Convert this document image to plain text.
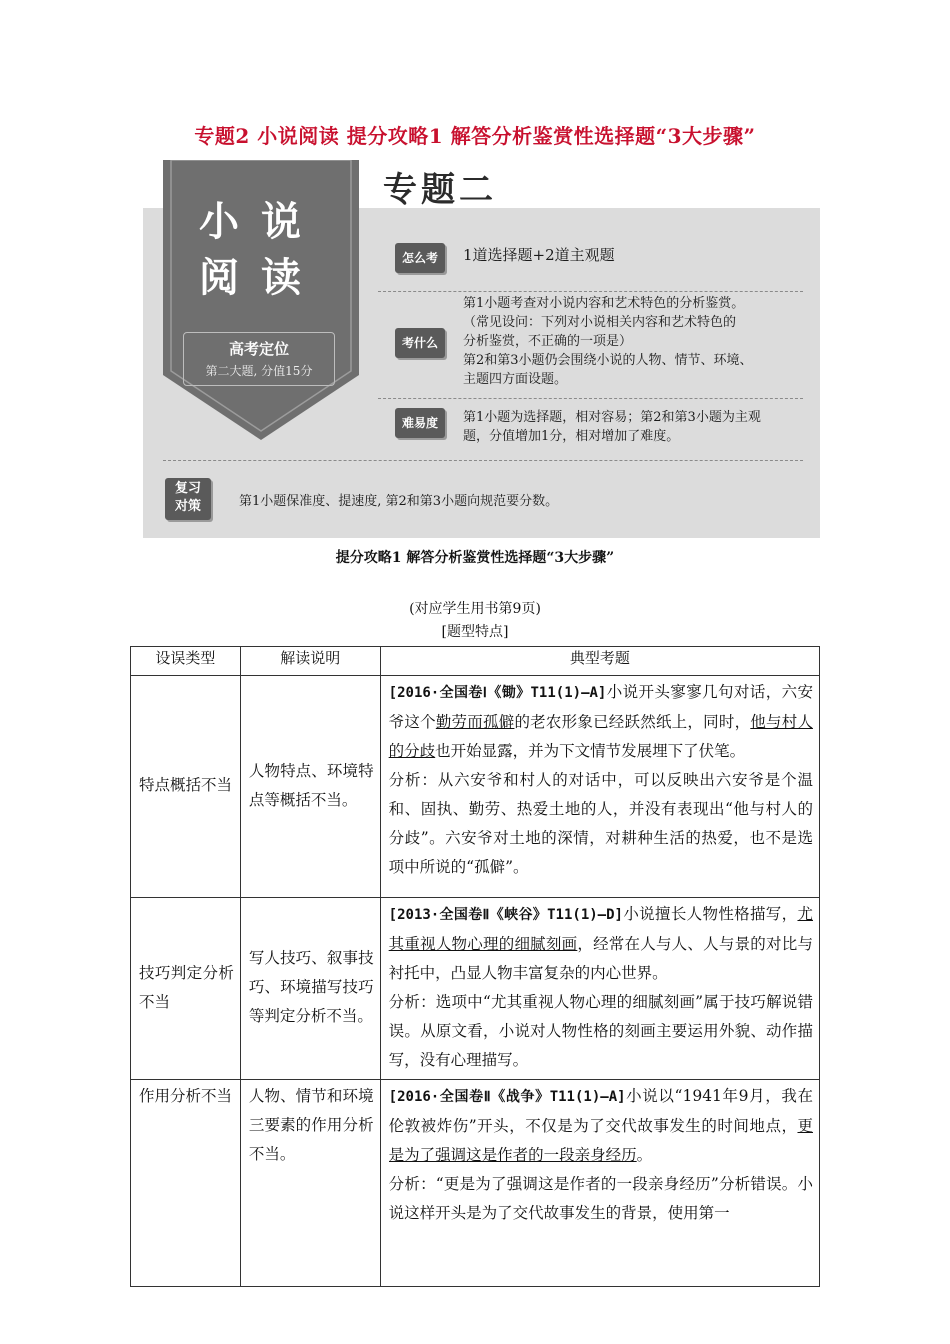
专题2 小说阅读 提分攻略1 解答分析鉴赏性选择题“3大步骤”
专题二
小说
阅读
高考定位
第二大题, 分值15分
怎么考	1道选择题+2道主观题
考什么
第1小题考查对小说内容和艺术特色的分析鉴赏。
（常见设问：下列对小说相关内容和艺术特色的
分析鉴赏，不正确的一项是）
第2和第3小题仍会围绕小说的人物、情节、环境、
主题四方面设题。
难易度	第1小题为选择题，相对容易；第2和第3小题为主观
题，分值增加1分，相对增加了难度。
复习
对策	第1小题保准度、提速度, 第2和第3小题向规范要分数。
提分攻略1 解答分析鉴赏性选择题“3大步骤”
(对应学生用书第9页)
[题型特点]
设误类型	解读说明	典型考题
特点概括不当	人物特点、环境特点等概括不当。	[2016·全国卷Ⅰ《锄》T11(1)—A]小说开头寥寥几句对话，六安爷这个勤劳而孤僻的老农形象已经跃然纸上，同时，他与村人的分歧也开始显露，并为下文情节发展埋下了伏笔。
分析：从六安爷和村人的对话中，可以反映出六安爷是个温和、固执、勤劳、热爱土地的人，并没有表现出“他与村人的分歧”。六安爷对土地的深情，对耕种生活的热爱，也不是选项中所说的“孤僻”。

技巧判定分析不当	写人技巧、叙事技巧、环境描写技巧等判定分析不当。	[2013·全国卷Ⅱ《峡谷》T11(1)—D]小说擅长人物性格描写，尤其重视人物心理的细腻刻画，经常在人与人、人与景的对比与衬托中，凸显人物丰富复杂的内心世界。
分析：选项中“尤其重视人物心理的细腻刻画”属于技巧解说错误。从原文看，小说对人物性格的刻画主要运用外貌、动作描写，没有心理描写。

作用分析不当	人物、情节和环境三要素的作用分析不当。	[2016·全国卷Ⅱ《战争》T11(1)—A]小说以“1941年9月，我在伦敦被炸伤”开头，不仅是为了交代故事发生的时间地点，更是为了强调这是作者的一段亲身经历。
分析：“更是为了强调这是作者的一段亲身经历”分析错误。小说这样开头是为了交代故事发生的背景，使用第一
